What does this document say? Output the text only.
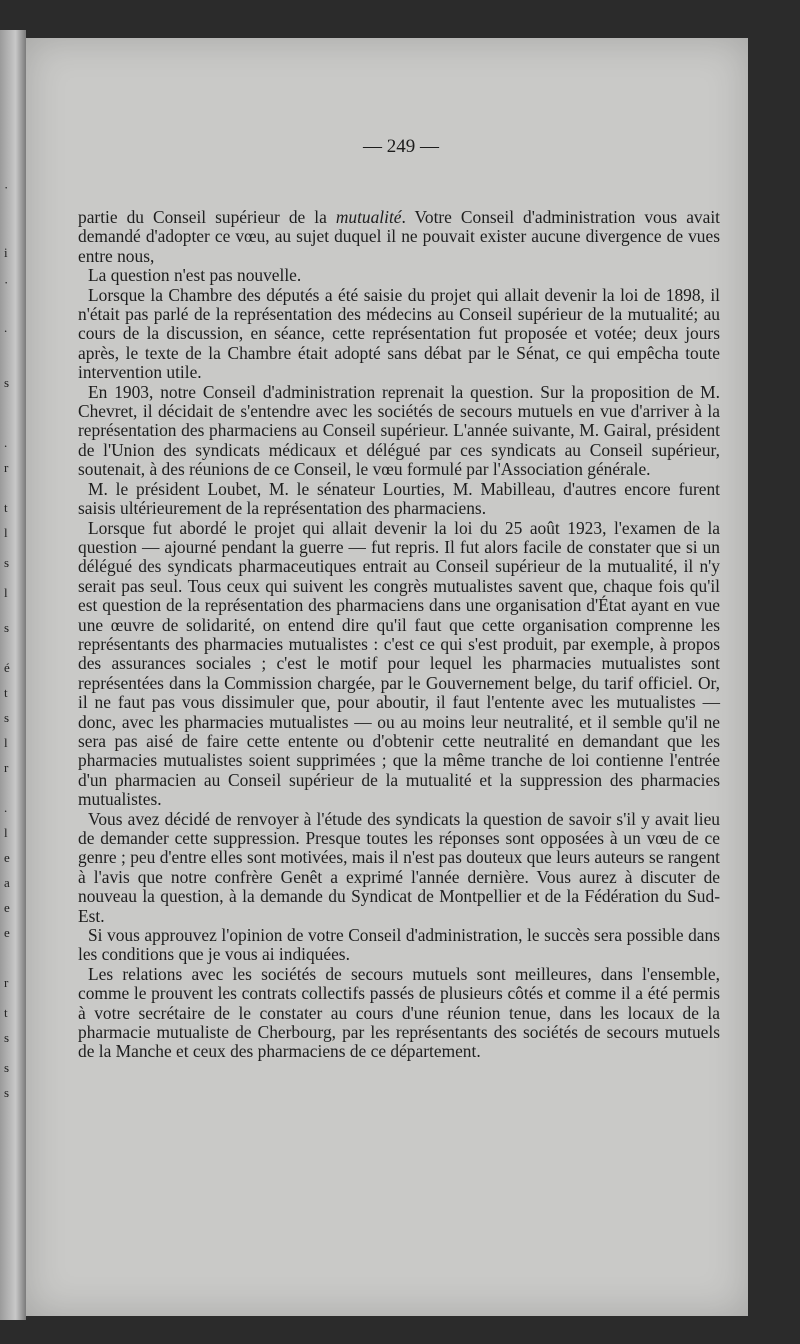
·
i
·
.
s
.
r
t
l
s
l
s
é
t
s
l
r
.
l
e
a
e
e
r
t
s
s
s
— 249 —

partie du Conseil supérieur de la mutualité. Votre Conseil d'administration vous avait demandé d'adopter ce vœu, au sujet duquel il ne pouvait exister aucune divergence de vues entre nous,

La question n'est pas nouvelle.

Lorsque la Chambre des députés a été saisie du projet qui allait devenir la loi de 1898, il n'était pas parlé de la représentation des médecins au Conseil supérieur de la mutualité; au cours de la discussion, en séance, cette représentation fut proposée et votée; deux jours après, le texte de la Chambre était adopté sans débat par le Sénat, ce qui empêcha toute intervention utile.

En 1903, notre Conseil d'administration reprenait la question. Sur la proposition de M. Chevret, il décidait de s'entendre avec les sociétés de secours mutuels en vue d'arriver à la représentation des pharmaciens au Conseil supérieur. L'année suivante, M. Gairal, président de l'Union des syndicats médicaux et délégué par ces syndicats au Conseil supérieur, soutenait, à des réunions de ce Conseil, le vœu formulé par l'Association générale.

M. le président Loubet, M. le sénateur Lourties, M. Mabilleau, d'autres encore furent saisis ultérieurement de la représentation des pharmaciens.

Lorsque fut abordé le projet qui allait devenir la loi du 25 août 1923, l'examen de la question — ajourné pendant la guerre — fut repris. Il fut alors facile de constater que si un délégué des syndicats pharmaceutiques entrait au Conseil supérieur de la mutualité, il n'y serait pas seul. Tous ceux qui suivent les congrès mutualistes savent que, chaque fois qu'il est question de la représentation des pharmaciens dans une organisation d'État ayant en vue une œuvre de solidarité, on entend dire qu'il faut que cette organisation comprenne les représentants des pharmacies mutualistes : c'est ce qui s'est produit, par exemple, à propos des assurances sociales ; c'est le motif pour lequel les pharmacies mutualistes sont représentées dans la Commission chargée, par le Gouvernement belge, du tarif officiel. Or, il ne faut pas vous dissimuler que, pour aboutir, il faut l'entente avec les mutualistes — donc, avec les pharmacies mutualistes — ou au moins leur neutralité, et il semble qu'il ne sera pas aisé de faire cette entente ou d'obtenir cette neutralité en demandant que les pharmacies mutualistes soient supprimées ; que la même tranche de loi contienne l'entrée d'un pharmacien au Conseil supérieur de la mutualité et la suppression des pharmacies mutualistes.

Vous avez décidé de renvoyer à l'étude des syndicats la question de savoir s'il y avait lieu de demander cette suppression. Presque toutes les réponses sont opposées à un vœu de ce genre ; peu d'entre elles sont motivées, mais il n'est pas douteux que leurs auteurs se rangent à l'avis que notre confrère Genêt a exprimé l'année dernière. Vous aurez à discuter de nouveau la question, à la demande du Syndicat de Montpellier et de la Fédération du Sud-Est.

Si vous approuvez l'opinion de votre Conseil d'administration, le succès sera possible dans les conditions que je vous ai indiquées.

Les relations avec les sociétés de secours mutuels sont meilleures, dans l'ensemble, comme le prouvent les contrats collectifs passés de plusieurs côtés et comme il a été permis à votre secrétaire de le constater au cours d'une réunion tenue, dans les locaux de la pharmacie mutualiste de Cherbourg, par les représentants des sociétés de secours mutuels de la Manche et ceux des pharmaciens de ce département.
